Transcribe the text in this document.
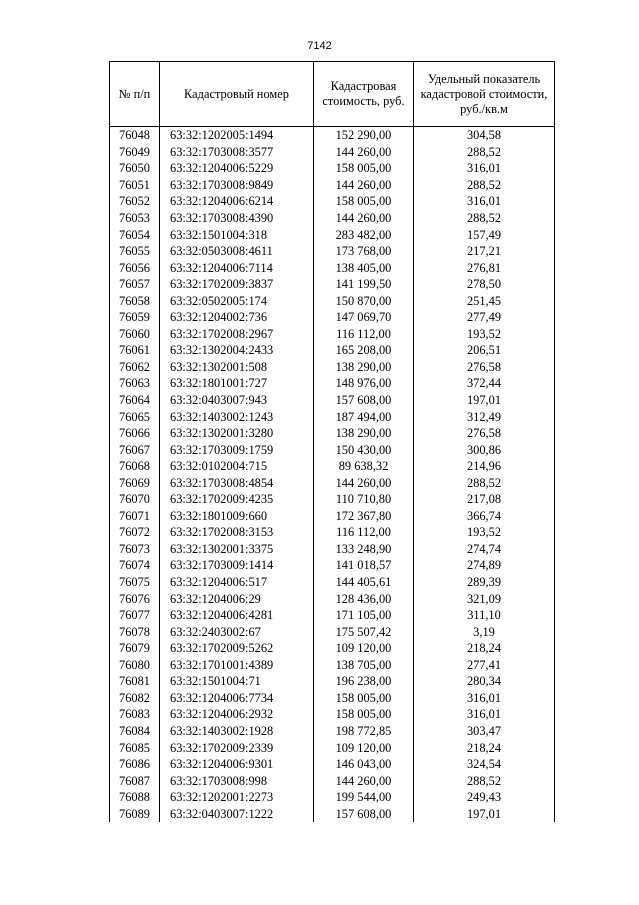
7142
№ п/п	Кадастровый номер	Кадастровая стоимость, руб.	Удельный показатель кадастровой стоимости, руб./кв.м
76048	63:32:1202005:1494	152 290,00	304,58
76049	63:32:1703008:3577	144 260,00	288,52
76050	63:32:1204006:5229	158 005,00	316,01
76051	63:32:1703008:9849	144 260,00	288,52
76052	63:32:1204006:6214	158 005,00	316,01
76053	63:32:1703008:4390	144 260,00	288,52
76054	63:32:1501004:318	283 482,00	157,49
76055	63:32:0503008:4611	173 768,00	217,21
76056	63:32:1204006:7114	138 405,00	276,81
76057	63:32:1702009:3837	141 199,50	278,50
76058	63:32:0502005:174	150 870,00	251,45
76059	63:32:1204002:736	147 069,70	277,49
76060	63:32:1702008:2967	116 112,00	193,52
76061	63:32:1302004:2433	165 208,00	206,51
76062	63:32:1302001:508	138 290,00	276,58
76063	63:32:1801001:727	148 976,00	372,44
76064	63:32:0403007:943	157 608,00	197,01
76065	63:32:1403002:1243	187 494,00	312,49
76066	63:32:1302001:3280	138 290,00	276,58
76067	63:32:1703009:1759	150 430,00	300,86
76068	63:32:0102004:715	89 638,32	214,96
76069	63:32:1703008:4854	144 260,00	288,52
76070	63:32:1702009:4235	110 710,80	217,08
76071	63:32:1801009:660	172 367,80	366,74
76072	63:32:1702008:3153	116 112,00	193,52
76073	63:32:1302001:3375	133 248,90	274,74
76074	63:32:1703009:1414	141 018,57	274,89
76075	63:32:1204006:517	144 405,61	289,39
76076	63:32:1204006:29	128 436,00	321,09
76077	63:32:1204006:4281	171 105,00	311,10
76078	63:32:2403002:67	175 507,42	3,19
76079	63:32:1702009:5262	109 120,00	218,24
76080	63:32:1701001:4389	138 705,00	277,41
76081	63:32:1501004:71	196 238,00	280,34
76082	63:32:1204006:7734	158 005,00	316,01
76083	63:32:1204006:2932	158 005,00	316,01
76084	63:32:1403002:1928	198 772,85	303,47
76085	63:32:1702009:2339	109 120,00	218,24
76086	63:32:1204006:9301	146 043,00	324,54
76087	63:32:1703008:998	144 260,00	288,52
76088	63:32:1202001:2273	199 544,00	249,43
76089	63:32:0403007:1222	157 608,00	197,01
